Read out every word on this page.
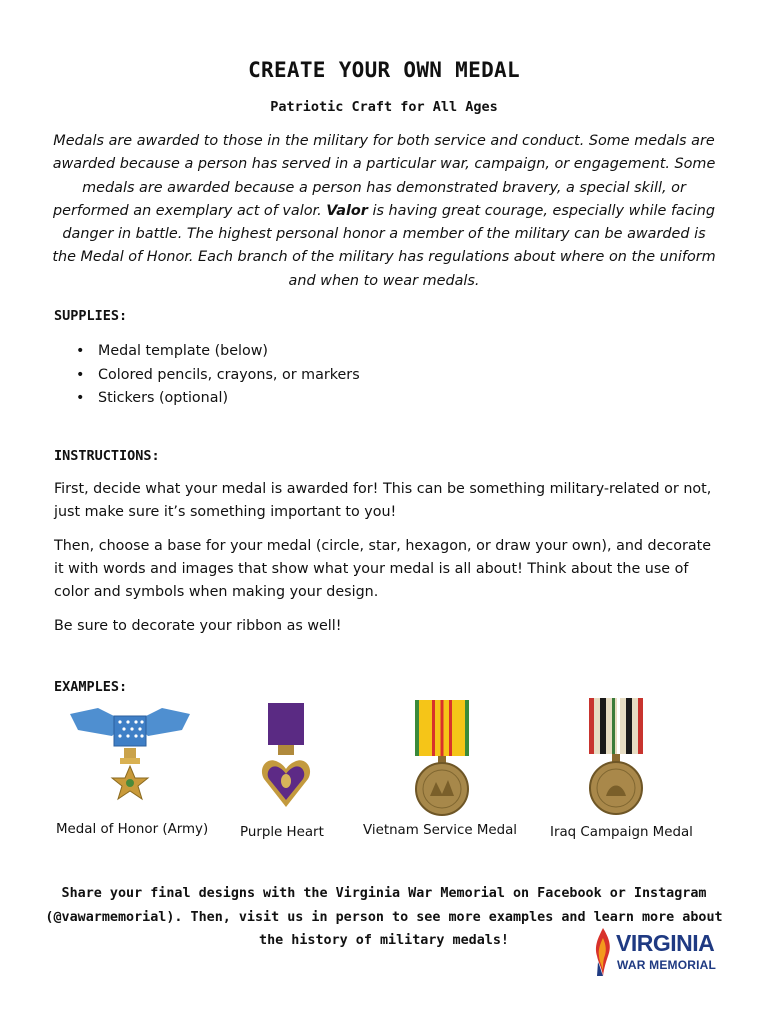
CREATE YOUR OWN MEDAL
Patriotic Craft for All Ages

Medals are awarded to those in the military for both service and conduct. Some medals are awarded because a person has served in a particular war, campaign, or engagement. Some medals are awarded because a person has demonstrated bravery, a special skill, or performed an exemplary act of valor. Valor is having great courage, especially while facing danger in battle. The highest personal honor a member of the military can be awarded is the Medal of Honor. Each branch of the military has regulations about where on the uniform and when to wear medals.

SUPPLIES:
• Medal template (below)
• Colored pencils, crayons, or markers
• Stickers (optional)
INSTRUCTIONS:

First, decide what your medal is awarded for! This can be something military-related or not, just make sure it’s something important to you!

Then, choose a base for your medal (circle, star, hexagon, or draw your own), and decorate it with words and images that show what your medal is all about! Think about the use of color and symbols when making your design.

Be sure to decorate your ribbon as well!

EXAMPLES:
Medal of Honor (Army) Purple Heart	Vietnam Service Medal Iraq Campaign Medal

Share your final designs with the Virginia War Memorial on Facebook or Instagram (@vawarmemorial). Then, visit us in person to see more examples and learn more about the history of military medals!	VIRGINIA
WAR MEMORIAL
